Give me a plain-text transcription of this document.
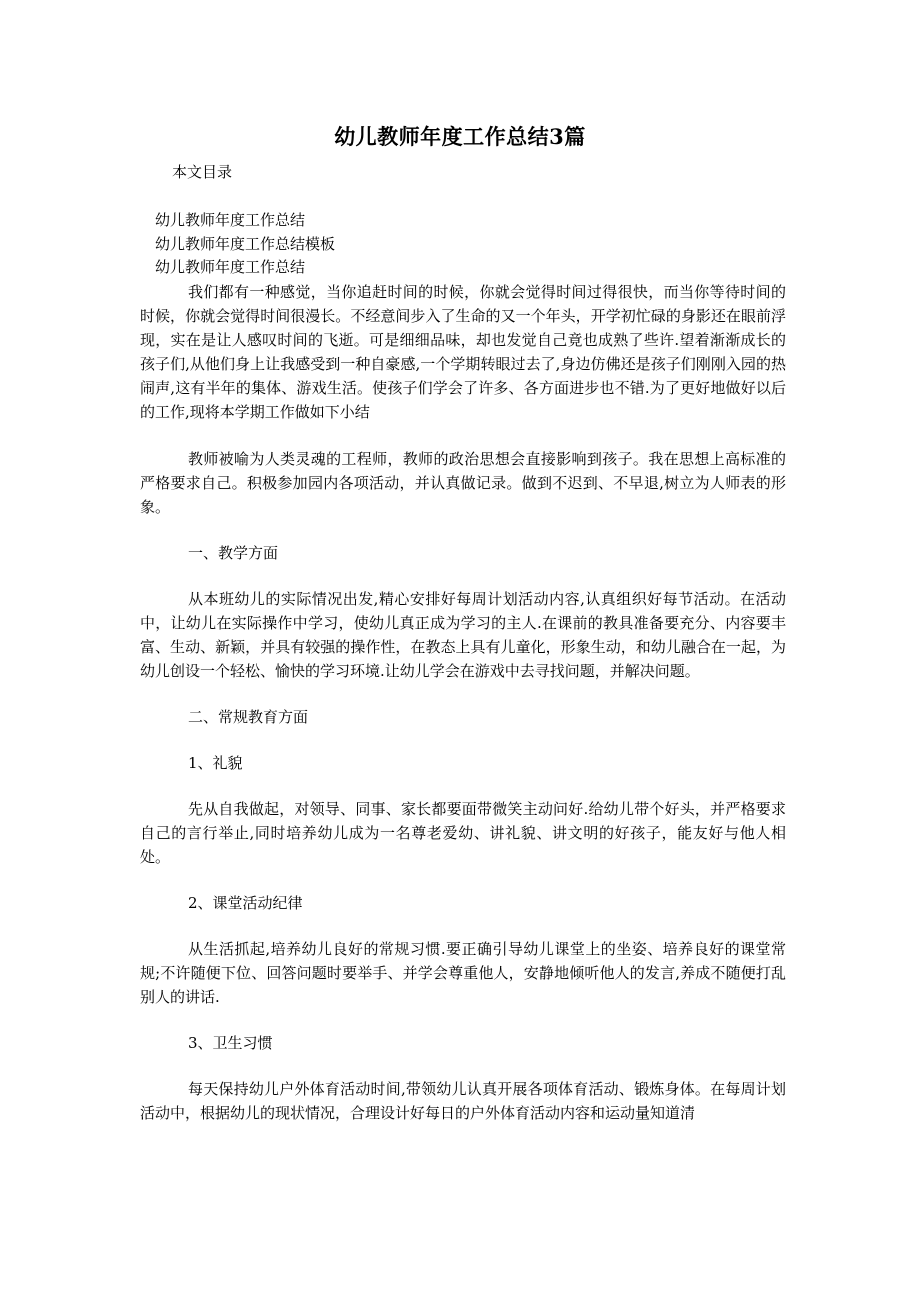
幼儿教师年度工作总结3篇
本文目录
幼儿教师年度工作总结
幼儿教师年度工作总结模板
幼儿教师年度工作总结

我们都有一种感觉，当你追赶时间的时候，你就会觉得时间过得很快，而当你等待时间的时候，你就会觉得时间很漫长。不经意间步入了生命的又一个年头，开学初忙碌的身影还在眼前浮现，实在是让人感叹时间的飞逝。可是细细品味，却也发觉自己竟也成熟了些许.望着渐渐成长的孩子们,从他们身上让我感受到一种自豪感,一个学期转眼过去了,身边仿佛还是孩子们刚刚入园的热闹声,这有半年的集体、游戏生活。使孩子们学会了许多、各方面进步也不错.为了更好地做好以后的工作,现将本学期工作做如下小结

教师被喻为人类灵魂的工程师，教师的政治思想会直接影响到孩子。我在思想上高标准的严格要求自己。积极参加园内各项活动，并认真做记录。做到不迟到、不早退,树立为人师表的形象。

一、教学方面

从本班幼儿的实际情况出发,精心安排好每周计划活动内容,认真组织好每节活动。在活动中，让幼儿在实际操作中学习，使幼儿真正成为学习的主人.在课前的教具准备要充分、内容要丰富、生动、新颖，并具有较强的操作性，在教态上具有儿童化，形象生动，和幼儿融合在一起，为幼儿创设一个轻松、愉快的学习环境.让幼儿学会在游戏中去寻找问题，并解决问题。

二、常规教育方面

1、礼貌

先从自我做起，对领导、同事、家长都要面带微笑主动问好.给幼儿带个好头，并严格要求自己的言行举止,同时培养幼儿成为一名尊老爱幼、讲礼貌、讲文明的好孩子，能友好与他人相处。

2、课堂活动纪律

从生活抓起,培养幼儿良好的常规习惯.要正确引导幼儿课堂上的坐姿、培养良好的课堂常规;不许随便下位、回答问题时要举手、并学会尊重他人，安静地倾听他人的发言,养成不随便打乱别人的讲话.

3、卫生习惯

每天保持幼儿户外体育活动时间,带领幼儿认真开展各项体育活动、锻炼身体。在每周计划活动中，根据幼儿的现状情况，合理设计好每日的户外体育活动内容和运动量知道清
